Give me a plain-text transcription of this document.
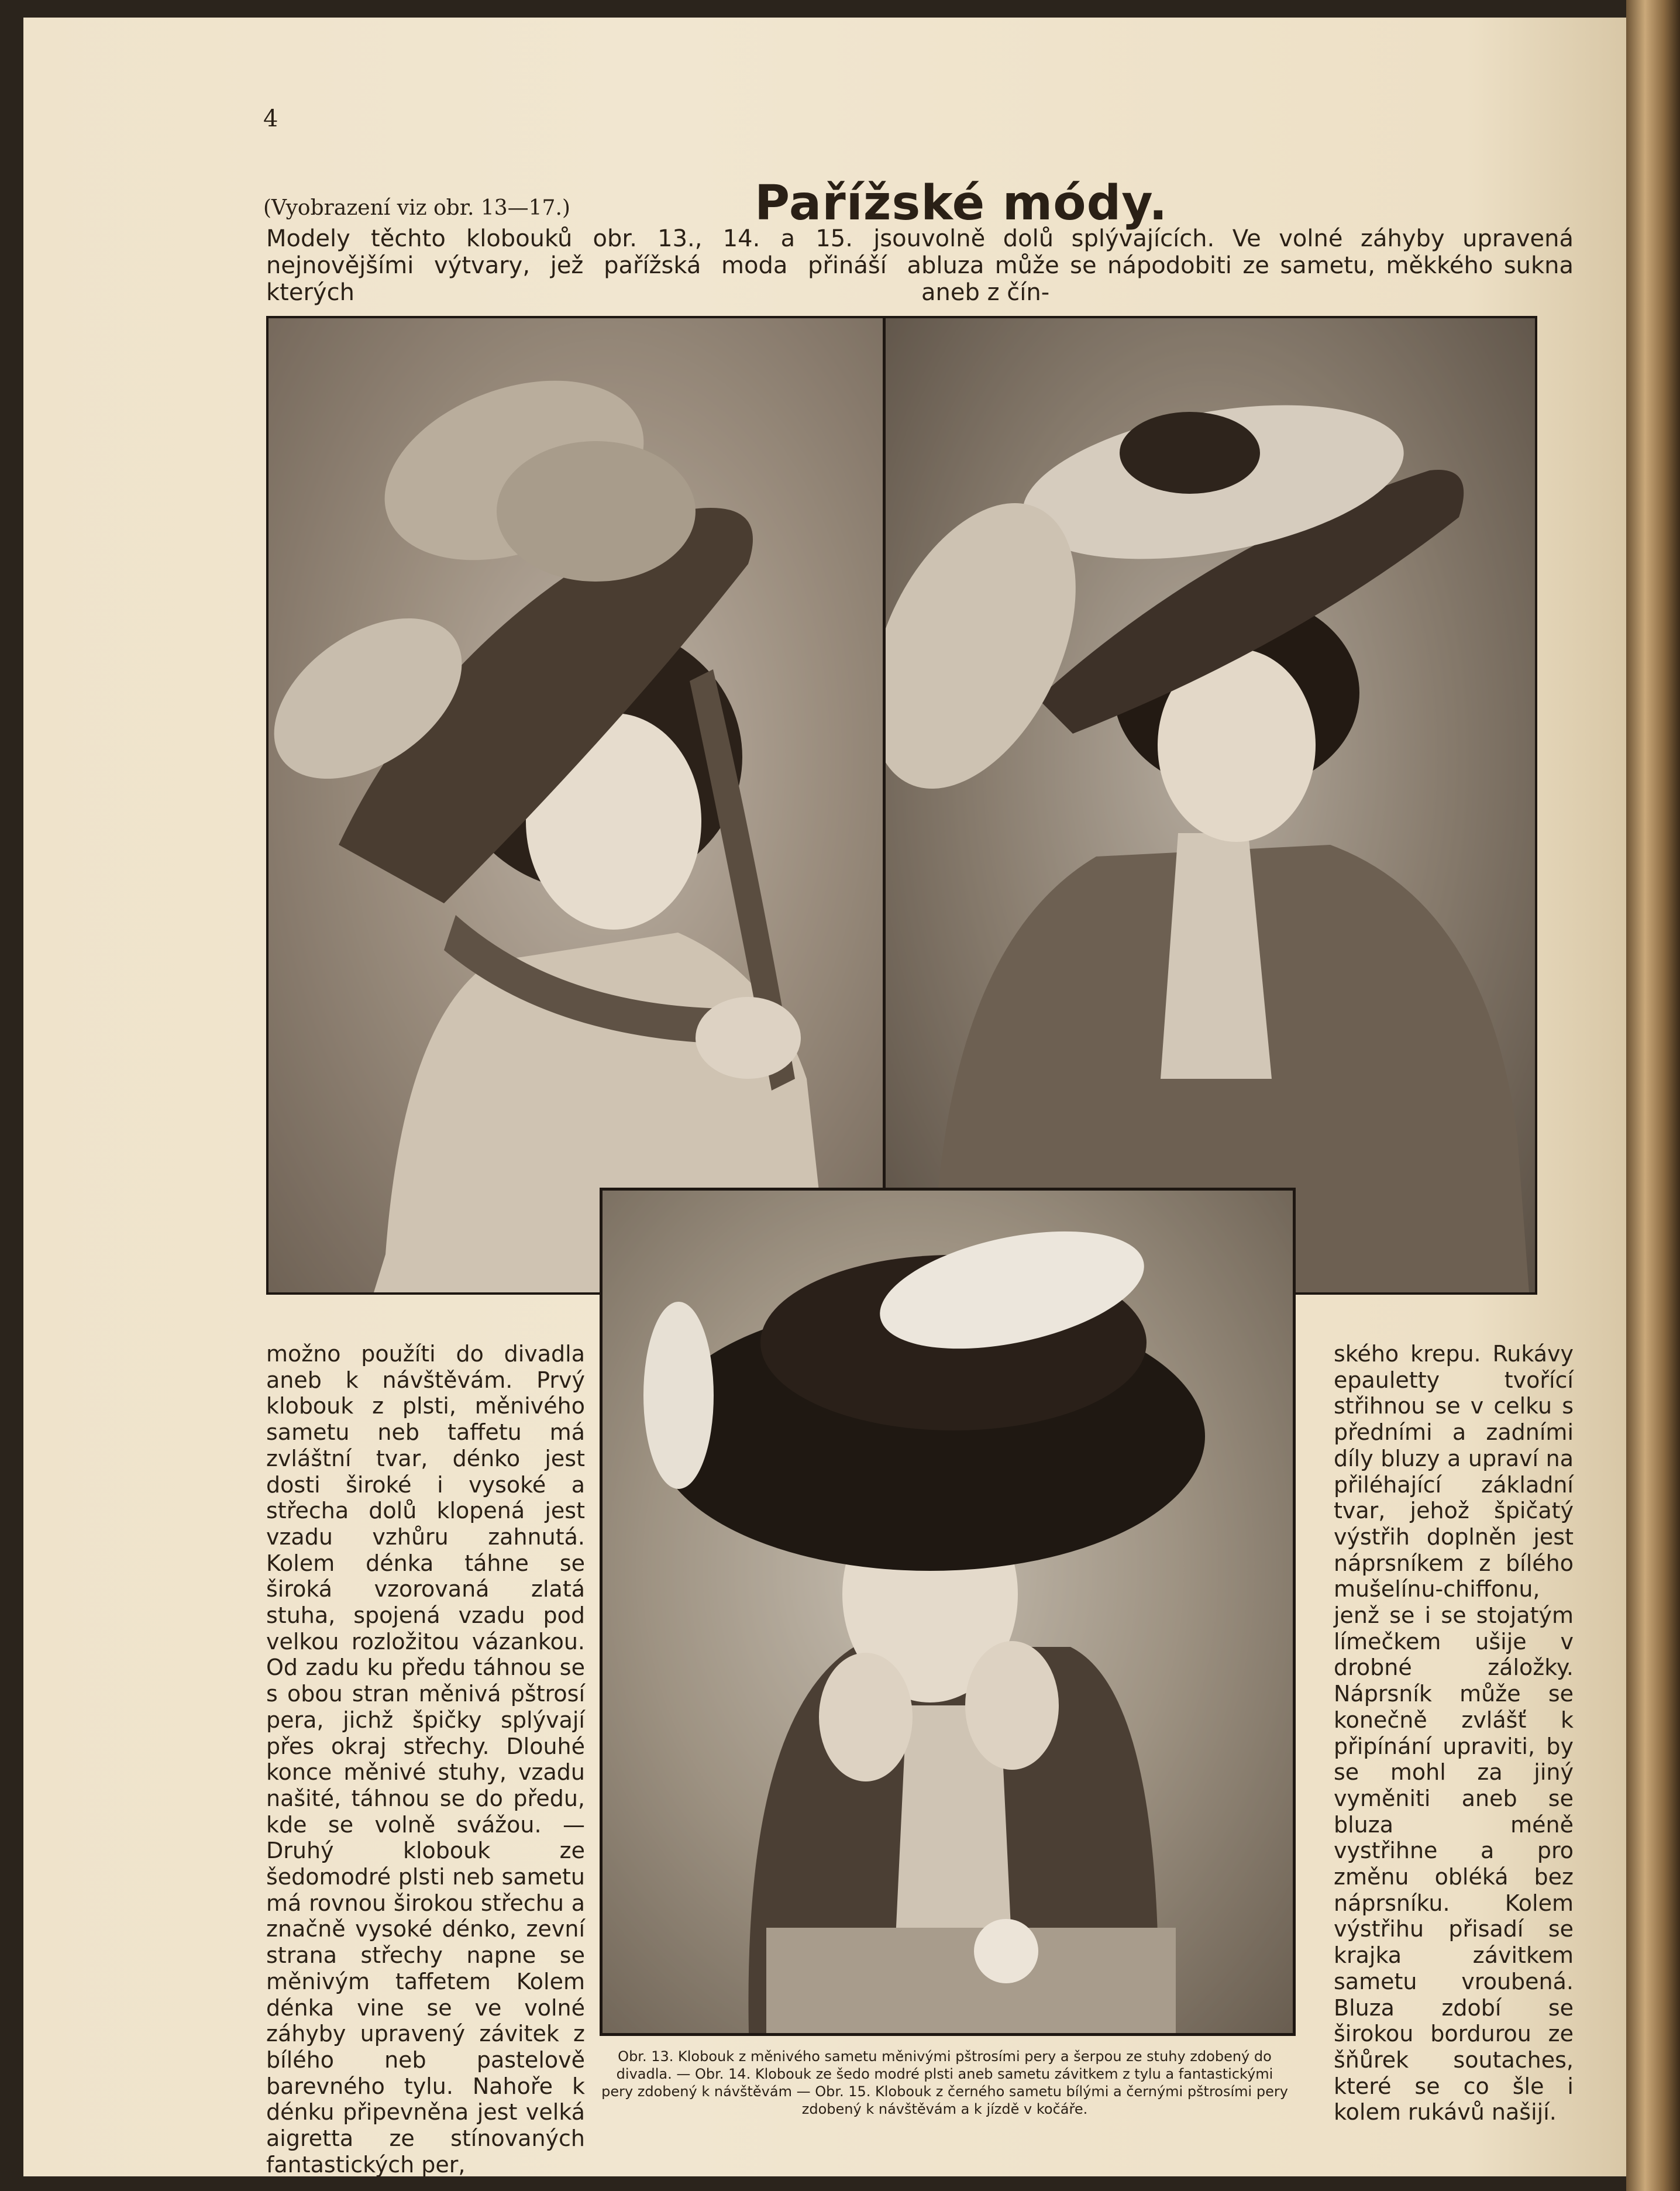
4
(Vyobrazení viz obr. 13—17.)	Pařížské módy.
Modely těchto klobouků obr. 13., 14. a 15. jsou nejnovějšími výtvary, jež pařížská moda přináší a kterých
volně dolů splývajících. Ve volné záhyby upravená bluza může se nápodobiti ze sametu, měkkého sukna aneb z čín-
možno použíti do divadla aneb k návštěvám. Prvý klobouk z plsti, měnivého sametu neb taffetu má zvláštní tvar, dénko jest dosti široké i vysoké a střecha dolů klopená jest vzadu vzhůru zahnutá. Kolem dénka táhne se široká vzorovaná zlatá stuha, spojená vzadu pod velkou rozložitou vázankou. Od zadu ku předu táhnou se s obou stran měnivá pštrosí pera, jichž špičky splývají přes okraj střechy. Dlouhé konce měnivé stuhy, vzadu našité, táhnou se do předu, kde se volně svážou. — Druhý klobouk ze šedomodré plsti neb sametu má rovnou širokou střechu a značně vysoké dénko, zevní strana střechy napne se měnivým taffetem Kolem dénka vine se ve volné záhyby upravený závitek z bílého neb pastelově barevného tylu. Nahoře k dénku připevněna jest velká aigretta ze stínovaných fantastických per,
ského krepu. Rukávy epauletty tvořící střihnou se v celku s předními a zadními díly bluzy a upraví na přiléhající základní tvar, jehož špičatý výstřih doplněn jest náprsníkem z bílého mušelínu-chiffonu, jenž se i se stojatým límečkem ušije v drobné záložky. Náprsník může se konečně zvlášť k připínání upraviti, by se mohl za jiný vyměniti aneb se bluza méně vystřihne a pro změnu obléká bez náprsníku. Kolem výstřihu přisadí se krajka závitkem sametu vroubená. Bluza zdobí se širokou bordurou ze šňůrek soutaches, které se co šle i kolem rukávů našijí.
Obr. 13. Klobouk z měnivého sametu měnivými pštrosími pery a šerpou ze stuhy zdobený do divadla. — Obr. 14. Klobouk ze šedo modré plsti aneb sametu závitkem z tylu a fantastickými pery zdobený k návštěvám — Obr. 15. Klobouk z černého sametu bílými a černými pštrosími pery zdobený k návštěvám a k jízdě v kočáře.
